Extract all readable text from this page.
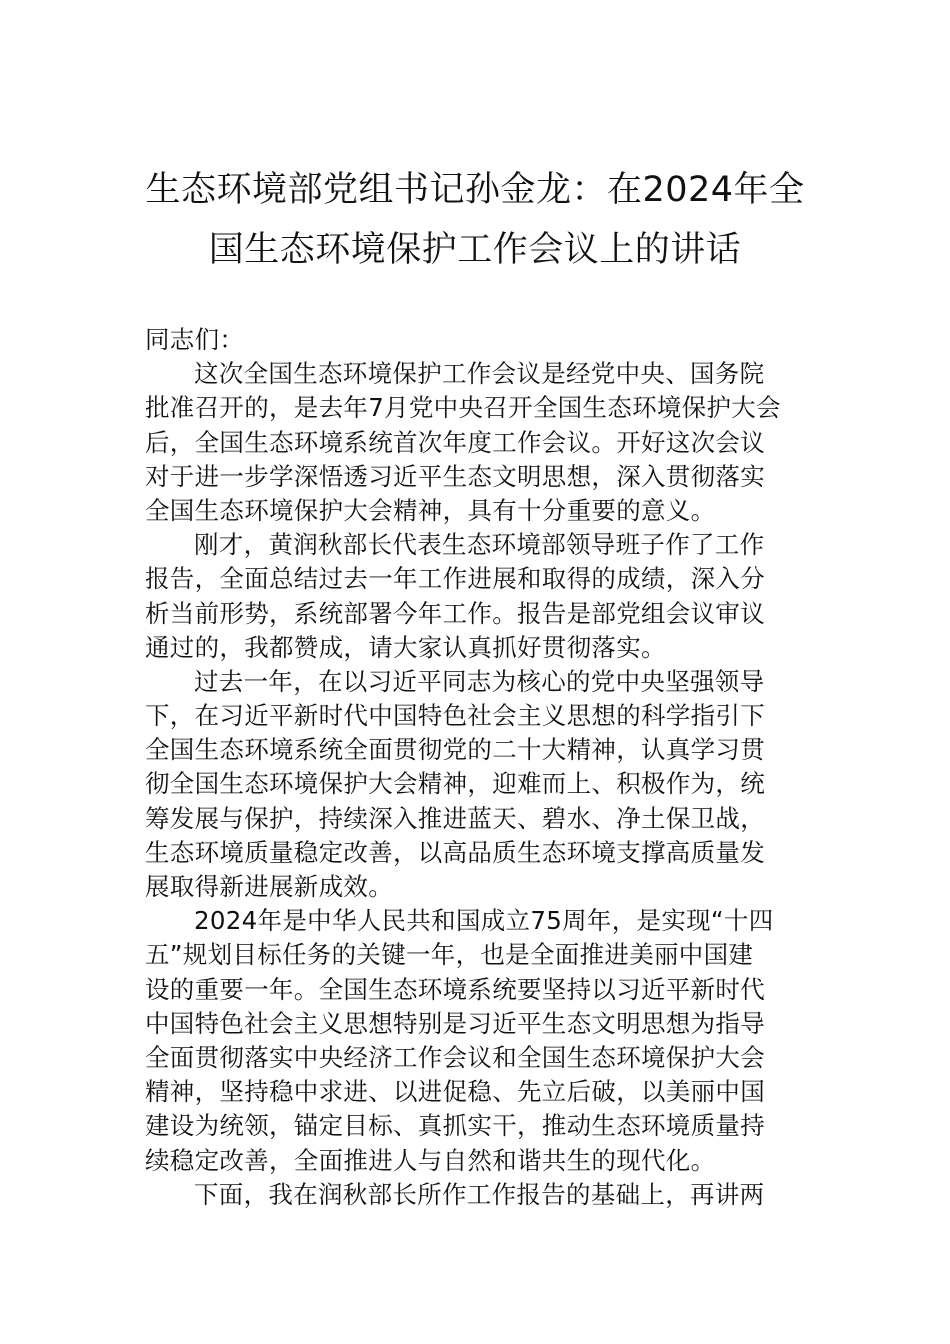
生态环境部党组书记孙金龙：在2024年全
国生态环境保护工作会议上的讲话
同志们：
这次全国生态环境保护工作会议是经党中央、国务院
批准召开的，是去年7月党中央召开全国生态环境保护大会
后，全国生态环境系统首次年度工作会议。开好这次会议
对于进一步学深悟透习近平生态文明思想，深入贯彻落实
全国生态环境保护大会精神，具有十分重要的意义。
刚才，黄润秋部长代表生态环境部领导班子作了工作
报告，全面总结过去一年工作进展和取得的成绩，深入分
析当前形势，系统部署今年工作。报告是部党组会议审议
通过的，我都赞成，请大家认真抓好贯彻落实。
过去一年，在以习近平同志为核心的党中央坚强领导
下，在习近平新时代中国特色社会主义思想的科学指引下
全国生态环境系统全面贯彻党的二十大精神，认真学习贯
彻全国生态环境保护大会精神，迎难而上、积极作为，统
筹发展与保护，持续深入推进蓝天、碧水、净土保卫战，
生态环境质量稳定改善，以高品质生态环境支撑高质量发
展取得新进展新成效。
2024年是中华人民共和国成立75周年，是实现“十四
五”规划目标任务的关键一年，也是全面推进美丽中国建
设的重要一年。全国生态环境系统要坚持以习近平新时代
中国特色社会主义思想特别是习近平生态文明思想为指导
全面贯彻落实中央经济工作会议和全国生态环境保护大会
精神，坚持稳中求进、以进促稳、先立后破，以美丽中国
建设为统领，锚定目标、真抓实干，推动生态环境质量持
续稳定改善，全面推进人与自然和谐共生的现代化。
下面，我在润秋部长所作工作报告的基础上，再讲两
